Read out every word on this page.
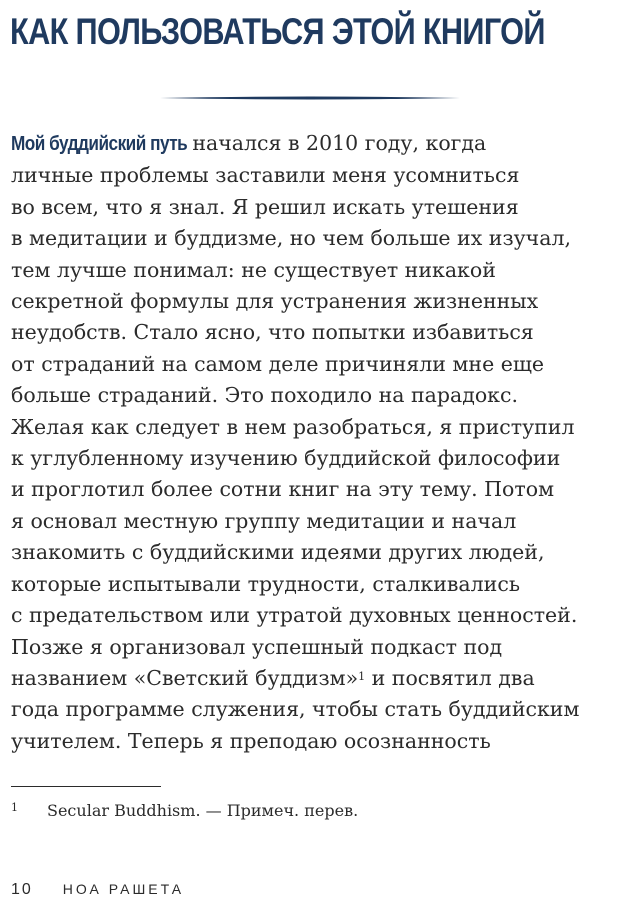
КАК ПОЛЬЗОВАТЬСЯ ЭТОЙ КНИГОЙ
Мой буддийский путь начался в 2010 году, когда
личные проблемы заставили меня усомниться
во всем, что я знал. Я решил искать утешения
в медитации и буддизме, но чем больше их изучал,
тем лучше понимал: не существует никакой
секретной формулы для устранения жизненных
неудобств. Стало ясно, что попытки избавиться
от страданий на самом деле причиняли мне еще
больше страданий. Это походило на парадокс.
Желая как следует в нем разобраться, я приступил
к углубленному изучению буддийской философии
и проглотил более сотни книг на эту тему. Потом
я основал местную группу медитации и начал
знакомить с буддийскими идеями других людей,
которые испытывали трудности, сталкивались
с предательством или утратой духовных ценностей.
Позже я организовал успешный подкаст под
названием «Светский буддизм»$^1$ и посвятил два
года программе служения, чтобы стать буддийским
учителем. Теперь я преподаю осознанность
1 Secular Buddhism. — Примеч. перев.
10 НОА РАШЕТА
